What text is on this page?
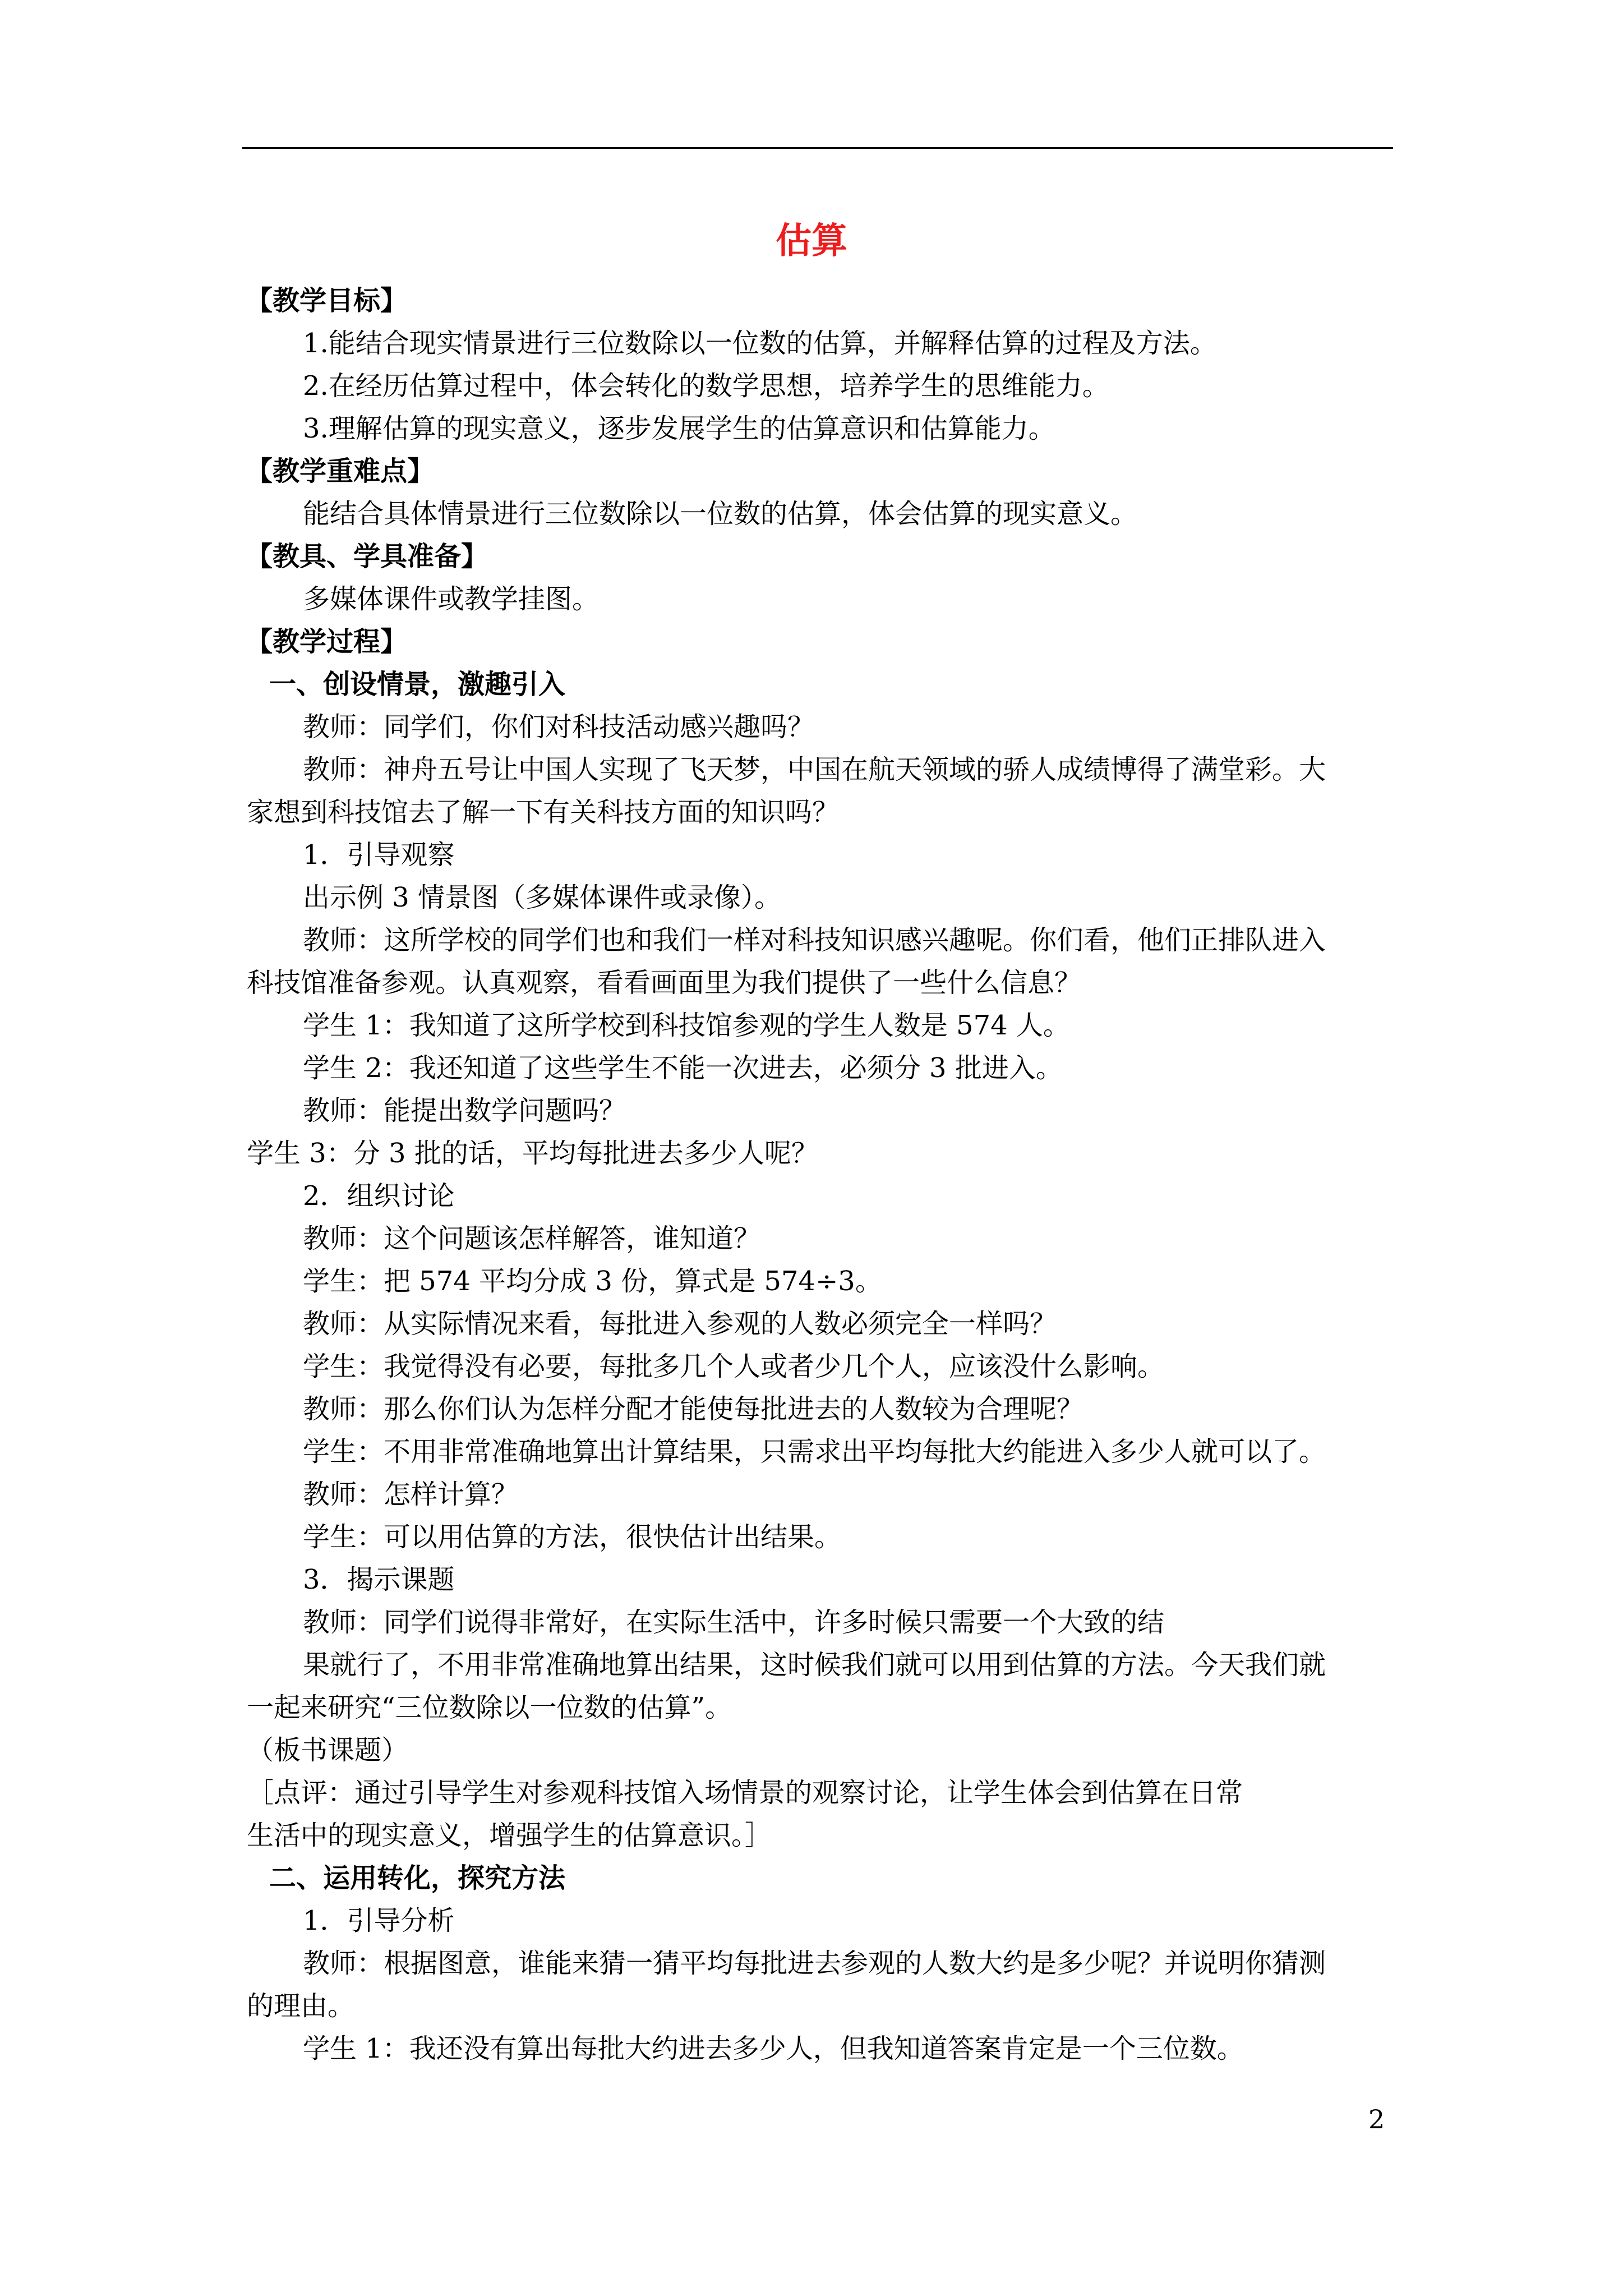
估算
【教学目标】
1.能结合现实情景进行三位数除以一位数的估算，并解释估算的过程及方法。
2.在经历估算过程中，体会转化的数学思想，培养学生的思维能力。
3.理解估算的现实意义，逐步发展学生的估算意识和估算能力。
【教学重难点】
能结合具体情景进行三位数除以一位数的估算，体会估算的现实意义。
【教具、学具准备】
多媒体课件或教学挂图。
【教学过程】
一、创设情景，激趣引入
教师：同学们，你们对科技活动感兴趣吗？
教师：神舟五号让中国人实现了飞天梦，中国在航天领域的骄人成绩博得了满堂彩。大
家想到科技馆去了解一下有关科技方面的知识吗？
1．引导观察
出示例 3 情景图（多媒体课件或录像）。
教师：这所学校的同学们也和我们一样对科技知识感兴趣呢。你们看，他们正排队进入
科技馆准备参观。认真观察，看看画面里为我们提供了一些什么信息？
学生 1：我知道了这所学校到科技馆参观的学生人数是 574 人。
学生 2：我还知道了这些学生不能一次进去，必须分 3 批进入。
教师：能提出数学问题吗？
学生 3：分 3 批的话，平均每批进去多少人呢？
2．组织讨论
教师：这个问题该怎样解答，谁知道？
学生：把 574 平均分成 3 份，算式是 574÷3。
教师：从实际情况来看，每批进入参观的人数必须完全一样吗？
学生：我觉得没有必要，每批多几个人或者少几个人，应该没什么影响。
教师：那么你们认为怎样分配才能使每批进去的人数较为合理呢？
学生：不用非常准确地算出计算结果，只需求出平均每批大约能进入多少人就可以了。
教师：怎样计算？
学生：可以用估算的方法，很快估计出结果。
3．揭示课题
教师：同学们说得非常好，在实际生活中，许多时候只需要一个大致的结
果就行了，不用非常准确地算出结果，这时候我们就可以用到估算的方法。今天我们就
一起来研究“三位数除以一位数的估算”。
（板书课题）
［点评：通过引导学生对参观科技馆入场情景的观察讨论，让学生体会到估算在日常
生活中的现实意义，增强学生的估算意识。］
二、运用转化，探究方法
1．引导分析
教师：根据图意，谁能来猜一猜平均每批进去参观的人数大约是多少呢？并说明你猜测
的理由。
学生 1：我还没有算出每批大约进去多少人，但我知道答案肯定是一个三位数。
2
